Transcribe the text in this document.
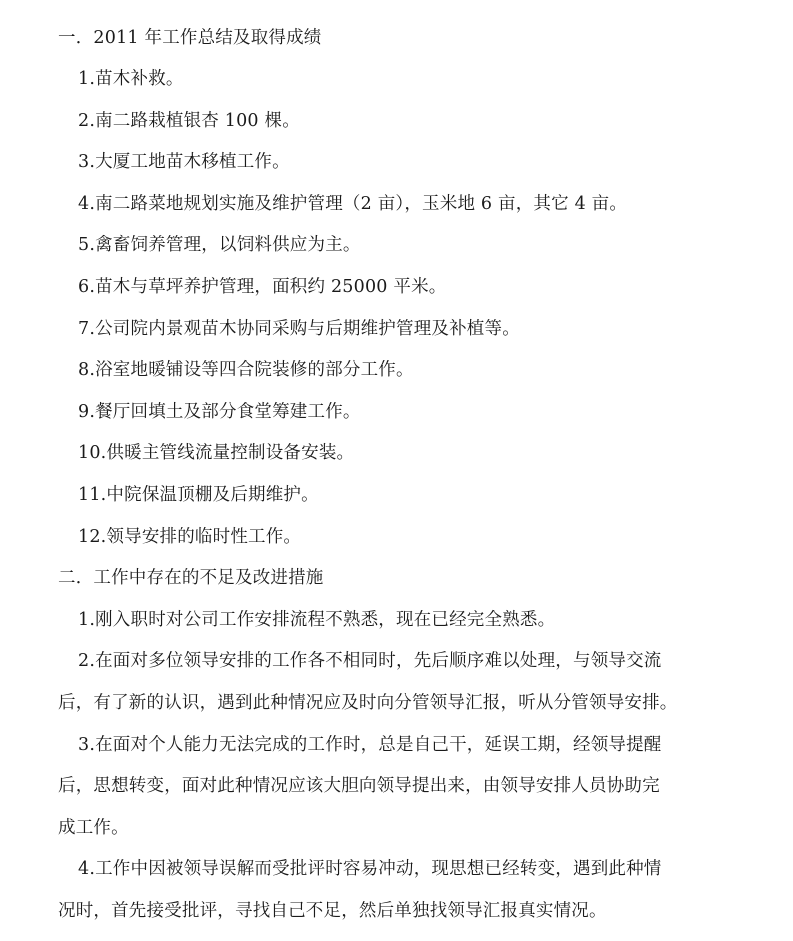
一．2011 年工作总结及取得成绩
1.苗木补救。
2.南二路栽植银杏 100 棵。
3.大厦工地苗木移植工作。
4.南二路菜地规划实施及维护管理（2 亩），玉米地 6 亩，其它 4 亩。
5.禽畜饲养管理，以饲料供应为主。
6.苗木与草坪养护管理，面积约 25000 平米。
7.公司院内景观苗木协同采购与后期维护管理及补植等。
8.浴室地暖铺设等四合院装修的部分工作。
9.餐厅回填土及部分食堂筹建工作。
10.供暖主管线流量控制设备安装。
11.中院保温顶棚及后期维护。
12.领导安排的临时性工作。
二．工作中存在的不足及改进措施
1.刚入职时对公司工作安排流程不熟悉，现在已经完全熟悉。
2.在面对多位领导安排的工作各不相同时，先后顺序难以处理，与领导交流
后，有了新的认识，遇到此种情况应及时向分管领导汇报，听从分管领导安排。
3.在面对个人能力无法完成的工作时，总是自己干，延误工期，经领导提醒
后，思想转变，面对此种情况应该大胆向领导提出来，由领导安排人员协助完
成工作。
4.工作中因被领导误解而受批评时容易冲动，现思想已经转变，遇到此种情
况时，首先接受批评，寻找自己不足，然后单独找领导汇报真实情况。
